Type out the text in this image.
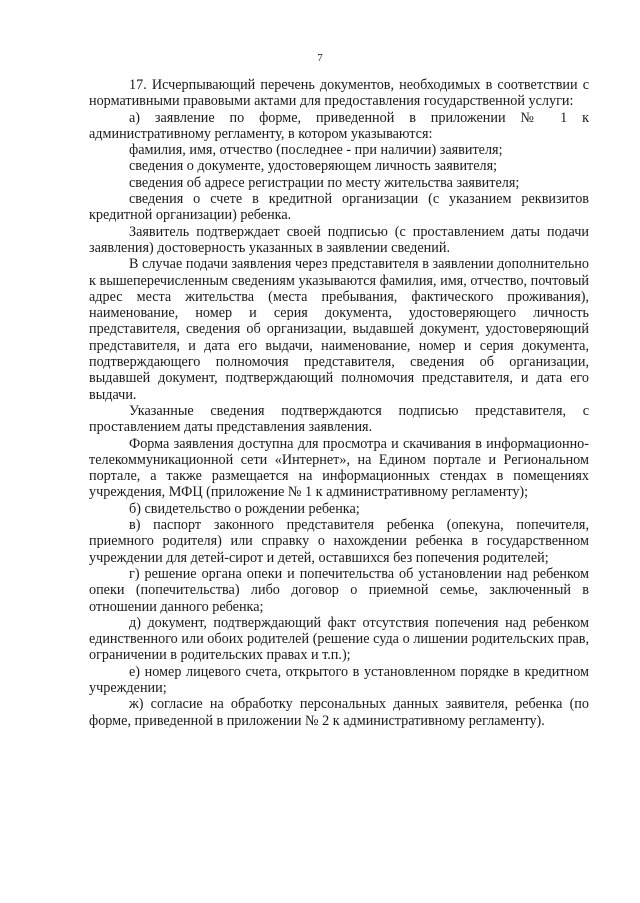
7

17. Исчерпывающий перечень документов, необходимых в соответствии с нормативными правовыми актами для предоставления государственной услуги:

а) заявление по форме, приведенной в приложении № 1 к административному регламенту, в котором указываются:

фамилия, имя, отчество (последнее - при наличии) заявителя;

сведения о документе, удостоверяющем личность заявителя;

сведения об адресе регистрации по месту жительства заявителя;

сведения о счете в кредитной организации (с указанием реквизитов кредитной организации) ребенка.

Заявитель подтверждает своей подписью (с проставлением даты подачи заявления) достоверность указанных в заявлении сведений.

В случае подачи заявления через представителя в заявлении дополнительно к вышеперечисленным сведениям указываются фамилия, имя, отчество, почтовый адрес места жительства (места пребывания, фактического проживания), наименование, номер и серия документа, удостоверяющего личность представителя, сведения об организации, выдавшей документ, удостоверяющий представителя, и дата его выдачи, наименование, номер и серия документа, подтверждающего полномочия представителя, сведения об организации, выдавшей документ, подтверждающий полномочия представителя, и дата его выдачи.

Указанные сведения подтверждаются подписью представителя, с проставлением даты представления заявления.

Форма заявления доступна для просмотра и скачивания в информационно-телекоммуникационной сети «Интернет», на Едином портале и Региональном портале, а также размещается на информационных стендах в помещениях учреждения, МФЦ (приложение № 1 к административному регламенту);

б) свидетельство о рождении ребенка;

в) паспорт законного представителя ребенка (опекуна, попечителя, приемного родителя) или справку о нахождении ребенка в государственном учреждении для детей-сирот и детей, оставшихся без попечения родителей;

г) решение органа опеки и попечительства об установлении над ребенком опеки (попечительства) либо договор о приемной семье, заключенный в отношении данного ребенка;

д) документ, подтверждающий факт отсутствия попечения над ребенком единственного или обоих родителей (решение суда о лишении родительских прав, ограничении в родительских правах и т.п.);

е) номер лицевого счета, открытого в установленном порядке в кредитном учреждении;

ж) согласие на обработку персональных данных заявителя, ребенка (по форме, приведенной в приложении № 2 к административному регламенту).
